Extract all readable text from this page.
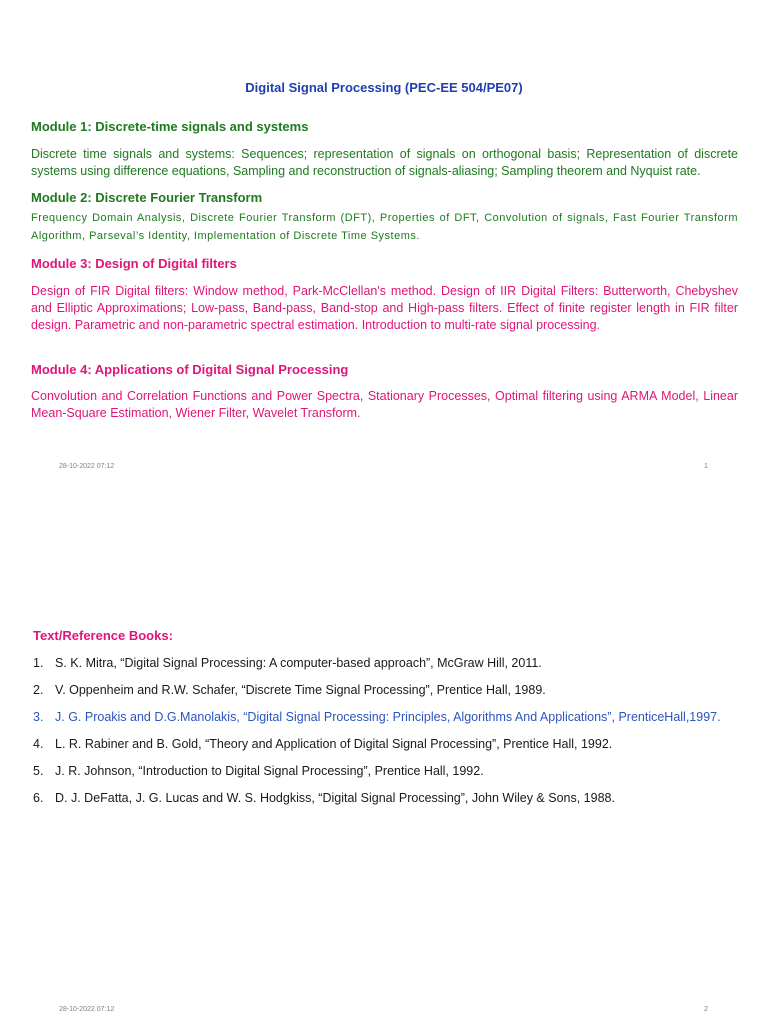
Digital Signal Processing (PEC-EE 504/PE07)

Module 1: Discrete-time signals and systems

Discrete time signals and systems: Sequences; representation of signals on orthogonal basis; Representation of discrete systems using difference equations, Sampling and reconstruction of signals-aliasing; Sampling theorem and Nyquist rate.

Module 2: Discrete Fourier Transform

Frequency Domain Analysis, Discrete Fourier Transform (DFT), Properties of DFT, Convolution of signals, Fast Fourier Transform Algorithm, Parseval’s Identity, Implementation of Discrete Time Systems.

Module 3: Design of Digital filters

Design of FIR Digital filters: Window method, Park-McClellan's method. Design of IIR Digital Filters: Butterworth, Chebyshev and Elliptic Approximations; Low-pass, Band-pass, Band-stop and High-pass filters. Effect of finite register length in FIR filter design. Parametric and non-parametric spectral estimation. Introduction to multi-rate signal processing.

Module 4: Applications of Digital Signal Processing

Convolution and Correlation Functions and Power Spectra, Stationary Processes, Optimal filtering using ARMA Model, Linear Mean-Square Estimation, Wiener Filter, Wavelet Transform.

28-10-2022 07:12	1
Text/Reference Books:
1. S. K. Mitra, “Digital Signal Processing: A computer-based approach”, McGraw Hill, 2011.
2. V. Oppenheim and R.W. Schafer, “Discrete Time Signal Processing”, Prentice Hall, 1989.
3. J. G. Proakis and D.G.Manolakis, “Digital Signal Processing: Principles, Algorithms And Applications”, PrenticeHall,1997.
4. L. R. Rabiner and B. Gold, “Theory and Application of Digital Signal Processing”, Prentice Hall, 1992.
5. J. R. Johnson, “Introduction to Digital Signal Processing”, Prentice Hall, 1992.
6. D. J. DeFatta, J. G. Lucas and W. S. Hodgkiss, “Digital Signal Processing”, John Wiley & Sons, 1988.
28-10-2022 07:12	2
